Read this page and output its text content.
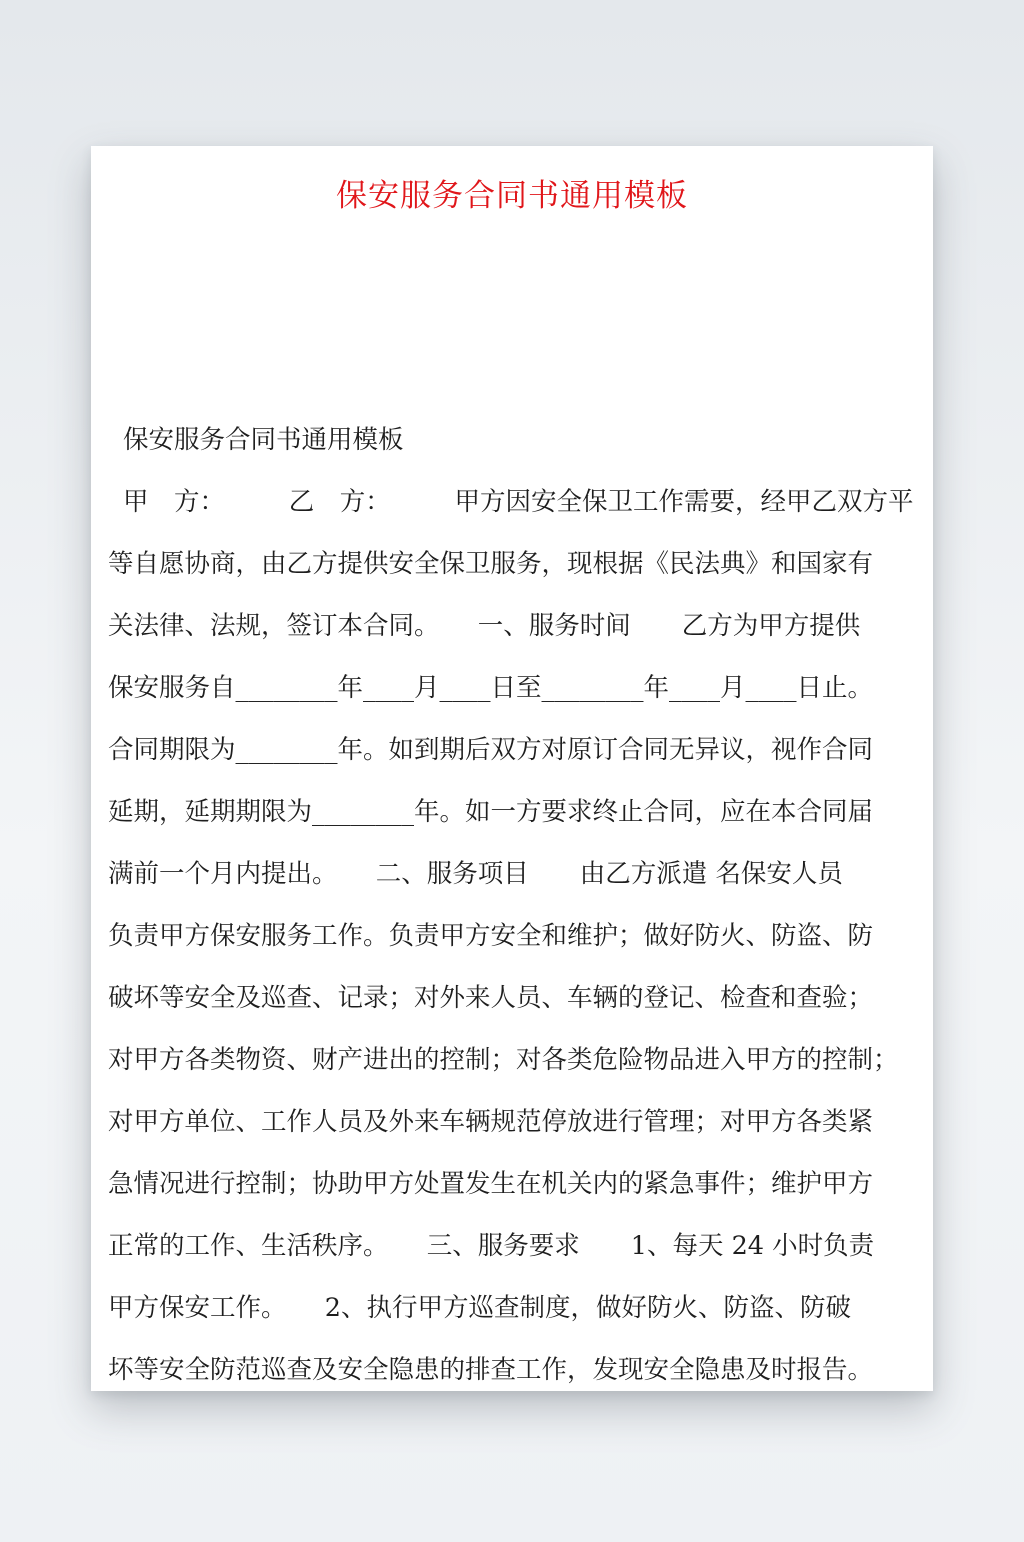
保安服务合同书通用模板
保安服务合同书通用模板
甲　方：　　　乙　方：　　　甲方因安全保卫工作需要，经甲乙双方平
等自愿协商，由乙方提供安全保卫服务，现根据《民法典》和国家有
关法律、法规，签订本合同。　　一、服务时间　　乙方为甲方提供
保安服务自________年____月____日至________年____月____日止。
合同期限为________年。如到期后双方对原订合同无异议，视作合同
延期，延期期限为________年。如一方要求终止合同，应在本合同届
满前一个月内提出。　　二、服务项目　　由乙方派遣 名保安人员
负责甲方保安服务工作。负责甲方安全和维护；做好防火、防盗、防
破坏等安全及巡查、记录；对外来人员、车辆的登记、检查和查验；
对甲方各类物资、财产进出的控制；对各类危险物品进入甲方的控制；
对甲方单位、工作人员及外来车辆规范停放进行管理；对甲方各类紧
急情况进行控制；协助甲方处置发生在机关内的紧急事件；维护甲方
正常的工作、生活秩序。　　三、服务要求　　1、每天 24 小时负责
甲方保安工作。　　2、执行甲方巡查制度，做好防火、防盗、防破
坏等安全防范巡查及安全隐患的排查工作，发现安全隐患及时报告。
